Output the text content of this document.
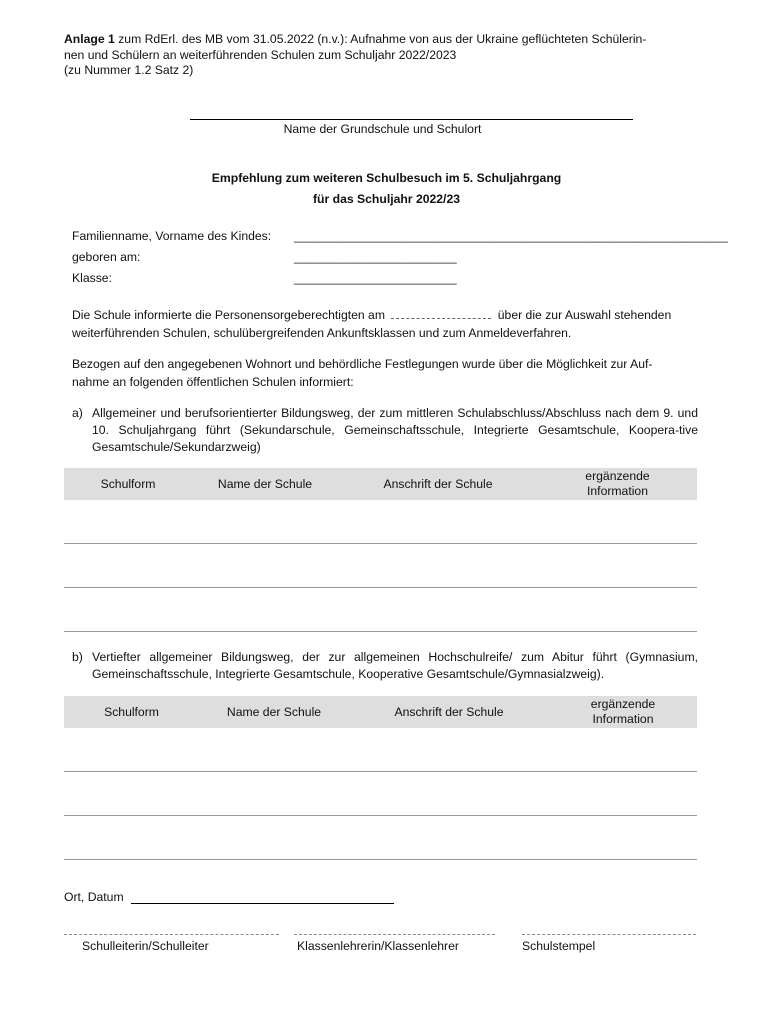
Anlage 1 zum RdErl. des MB vom 31.05.2022 (n.v.): Aufnahme von aus der Ukraine geflüchteten Schülerin-
nen und Schülern an weiterführenden Schulen zum Schuljahr 2022/2023
(zu Nummer 1.2 Satz 2)
Name der Grundschule und Schulort
Empfehlung zum weiteren Schulbesuch im 5. Schuljahrgang
für das Schuljahr 2022/23
Familienname, Vorname des Kindes: ________________________________________________________________
geboren am:	________________________
Klasse:	________________________
Die Schule informierte die Personensorgeberechtigten am	über die zur Auswahl stehenden
weiterführenden Schulen, schulübergreifenden Ankunftsklassen und zum Anmeldeverfahren.
Bezogen auf den angegebenen Wohnort und behördliche Festlegungen wurde über die Möglichkeit zur Auf-
nahme an folgenden öffentlichen Schulen informiert:
a) Allgemeiner und berufsorientierter Bildungsweg, der zum mittleren Schulabschluss/Abschluss nach dem 9. und 10. Schuljahrgang führt (Sekundarschule, Gemeinschaftsschule, Integrierte Gesamtschule, Koopera-tive Gesamtschule/Sekundarzweig)
Schulform	Name der Schule	Anschrift der Schule	ergänzende
Information

b) Vertiefter allgemeiner Bildungsweg, der zur allgemeinen Hochschulreife/ zum Abitur führt (Gymnasium, Gemeinschaftsschule, Integrierte Gesamtschule, Kooperative Gesamtschule/Gymnasialzweig).
Schulform	Name der Schule	Anschrift der Schule	ergänzende
Information

Ort, Datum
Schulleiterin/Schulleiter	Klassenlehrerin/Klassenlehrer	Schulstempel
